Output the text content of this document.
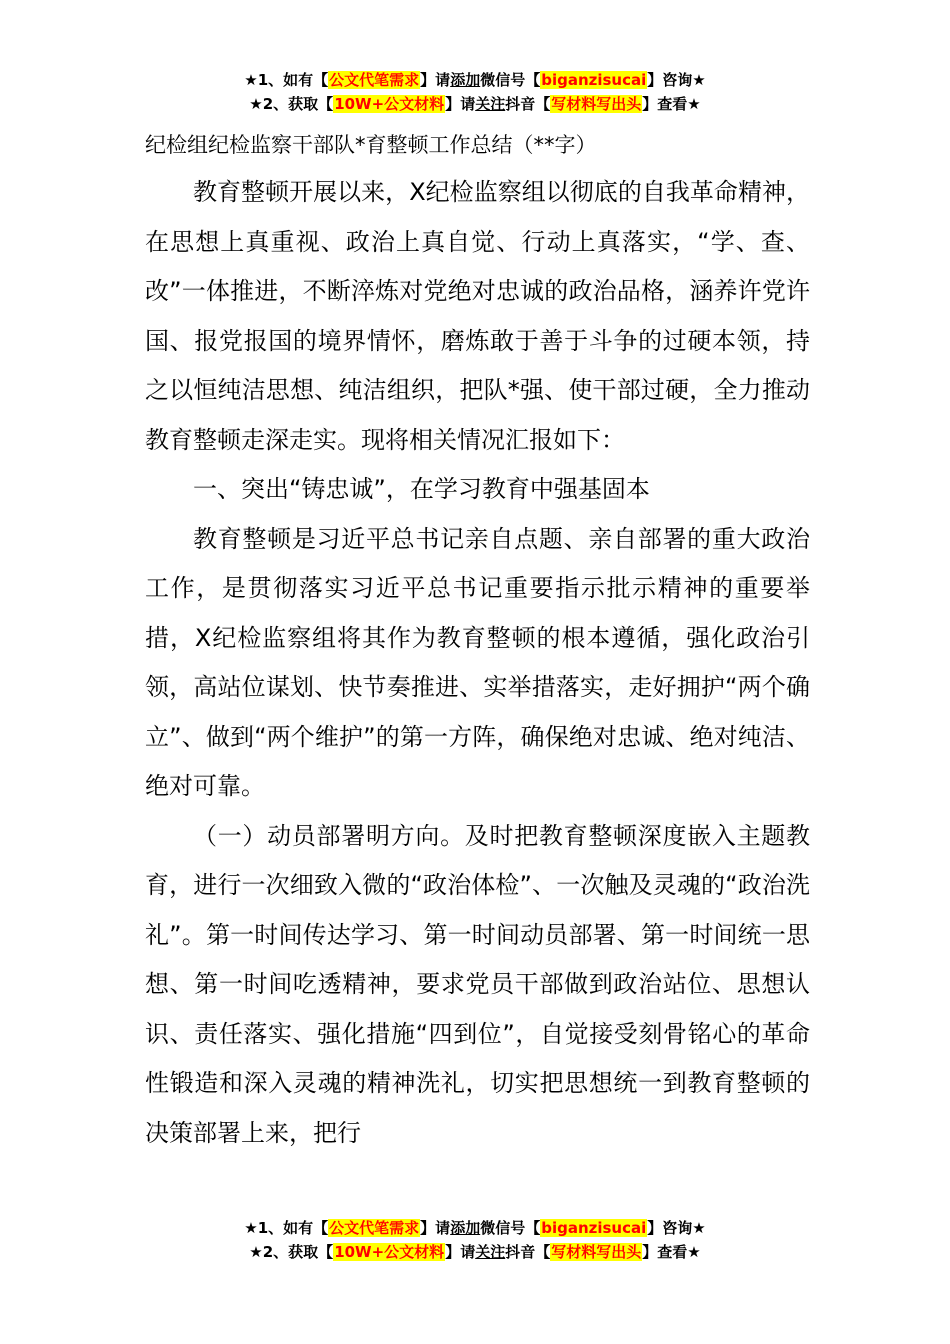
★1、如有【公文代笔需求】请添加微信号【biganzisucai】咨询★
★2、获取【10W+公文材料】请关注抖音【写材料写出头】查看★
纪检组纪检监察干部队*育整顿工作总结（**字）

教育整顿开展以来，X纪检监察组以彻底的自我革命精神，在思想上真重视、政治上真自觉、行动上真落实，“学、查、改”一体推进，不断淬炼对党绝对忠诚的政治品格，涵养许党许国、报党报国的境界情怀，磨炼敢于善于斗争的过硬本领，持之以恒纯洁思想、纯洁组织，把队*强、使干部过硬，全力推动教育整顿走深走实。现将相关情况汇报如下：

一、突出“铸忠诚”，在学习教育中强基固本

教育整顿是习近平总书记亲自点题、亲自部署的重大政治工作，是贯彻落实习近平总书记重要指示批示精神的重要举措，X纪检监察组将其作为教育整顿的根本遵循，强化政治引领，高站位谋划、快节奏推进、实举措落实，走好拥护“两个确立”、做到“两个维护”的第一方阵，确保绝对忠诚、绝对纯洁、绝对可靠。

（一）动员部署明方向。及时把教育整顿深度嵌入主题教育，进行一次细致入微的“政治体检”、一次触及灵魂的“政治洗礼”。第一时间传达学习、第一时间动员部署、第一时间统一思想、第一时间吃透精神，要求党员干部做到政治站位、思想认识、责任落实、强化措施“四到位”，自觉接受刻骨铭心的革命性锻造和深入灵魂的精神洗礼，切实把思想统一到教育整顿的决策部署上来，把行

★1、如有【公文代笔需求】请添加微信号【biganzisucai】咨询★
★2、获取【10W+公文材料】请关注抖音【写材料写出头】查看★
